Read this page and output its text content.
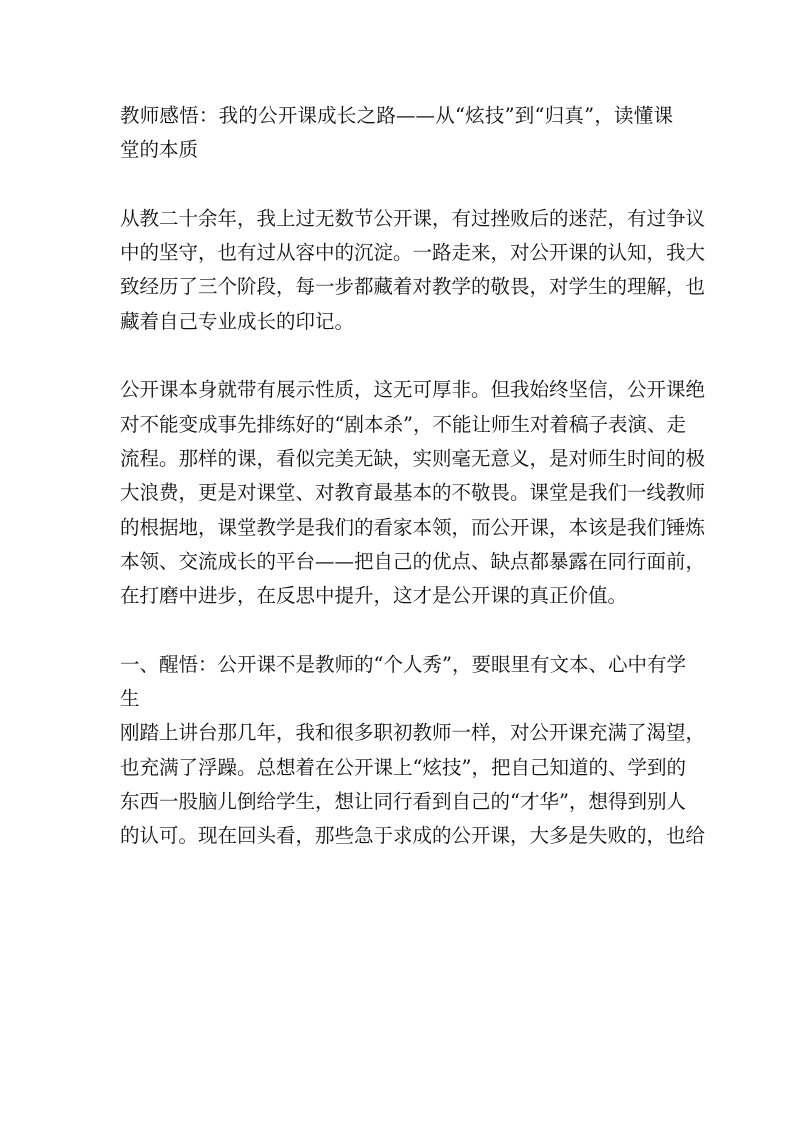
教师感悟：我的公开课成长之路——从“炫技”到“归真”，读懂课
堂的本质
从教二十余年，我上过无数节公开课，有过挫败后的迷茫，有过争议
中的坚守，也有过从容中的沉淀。一路走来，对公开课的认知，我大
致经历了三个阶段，每一步都藏着对教学的敬畏，对学生的理解，也
藏着自己专业成长的印记。
公开课本身就带有展示性质，这无可厚非。但我始终坚信，公开课绝
对不能变成事先排练好的“剧本杀”，不能让师生对着稿子表演、走
流程。那样的课，看似完美无缺，实则毫无意义，是对师生时间的极
大浪费，更是对课堂、对教育最基本的不敬畏。课堂是我们一线教师
的根据地，课堂教学是我们的看家本领，而公开课，本该是我们锤炼
本领、交流成长的平台——把自己的优点、缺点都暴露在同行面前，
在打磨中进步，在反思中提升，这才是公开课的真正价值。
一、醒悟：公开课不是教师的“个人秀”，要眼里有文本、心中有学
生
刚踏上讲台那几年，我和很多职初教师一样，对公开课充满了渴望，
也充满了浮躁。总想着在公开课上“炫技”，把自己知道的、学到的
东西一股脑儿倒给学生，想让同行看到自己的“才华”，想得到别人
的认可。现在回头看，那些急于求成的公开课，大多是失败的，也给
